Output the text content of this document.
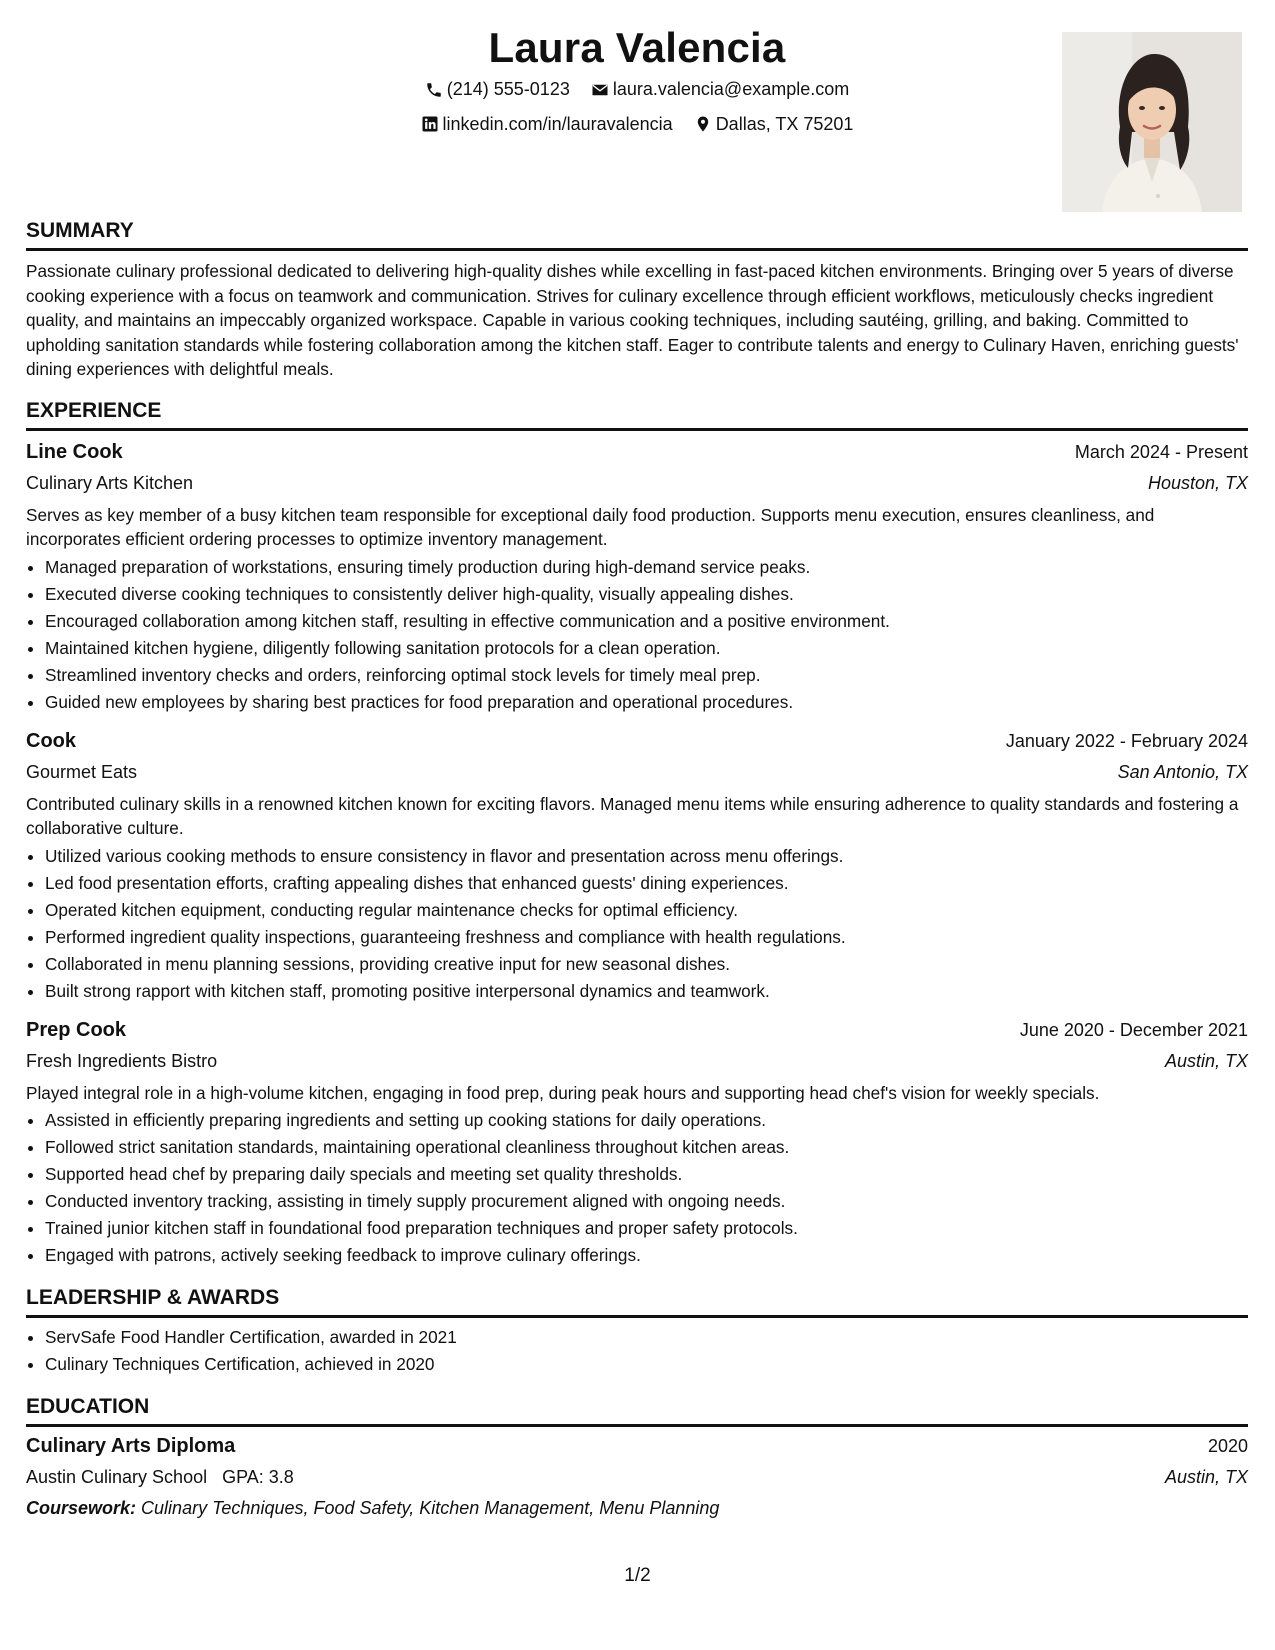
Laura Valencia
(214) 555-0123
laura.valencia@example.com
linkedin.com/in/lauravalencia
Dallas, TX 75201
SUMMARY
Passionate culinary professional dedicated to delivering high-quality dishes while excelling in fast-paced kitchen environments. Bringing over 5 years of diverse cooking experience with a focus on teamwork and communication. Strives for culinary excellence through efficient workflows, meticulously checks ingredient quality, and maintains an impeccably organized workspace. Capable in various cooking techniques, including sautéing, grilling, and baking. Committed to upholding sanitation standards while fostering collaboration among the kitchen staff. Eager to contribute talents and energy to Culinary Haven, enriching guests' dining experiences with delightful meals.
EXPERIENCE
Line Cook	March 2024 - Present
Culinary Arts Kitchen	Houston, TX
Serves as key member of a busy kitchen team responsible for exceptional daily food production. Supports menu execution, ensures cleanliness, and incorporates efficient ordering processes to optimize inventory management.
• Managed preparation of workstations, ensuring timely production during high-demand service peaks.
• Executed diverse cooking techniques to consistently deliver high-quality, visually appealing dishes.
• Encouraged collaboration among kitchen staff, resulting in effective communication and a positive environment.
• Maintained kitchen hygiene, diligently following sanitation protocols for a clean operation.
• Streamlined inventory checks and orders, reinforcing optimal stock levels for timely meal prep.
• Guided new employees by sharing best practices for food preparation and operational procedures.
Cook	January 2022 - February 2024
Gourmet Eats	San Antonio, TX
Contributed culinary skills in a renowned kitchen known for exciting flavors. Managed menu items while ensuring adherence to quality standards and fostering a collaborative culture.
• Utilized various cooking methods to ensure consistency in flavor and presentation across menu offerings.
• Led food presentation efforts, crafting appealing dishes that enhanced guests' dining experiences.
• Operated kitchen equipment, conducting regular maintenance checks for optimal efficiency.
• Performed ingredient quality inspections, guaranteeing freshness and compliance with health regulations.
• Collaborated in menu planning sessions, providing creative input for new seasonal dishes.
• Built strong rapport with kitchen staff, promoting positive interpersonal dynamics and teamwork.
Prep Cook	June 2020 - December 2021
Fresh Ingredients Bistro	Austin, TX
Played integral role in a high-volume kitchen, engaging in food prep, during peak hours and supporting head chef's vision for weekly specials.
• Assisted in efficiently preparing ingredients and setting up cooking stations for daily operations.
• Followed strict sanitation standards, maintaining operational cleanliness throughout kitchen areas.
• Supported head chef by preparing daily specials and meeting set quality thresholds.
• Conducted inventory tracking, assisting in timely supply procurement aligned with ongoing needs.
• Trained junior kitchen staff in foundational food preparation techniques and proper safety protocols.
• Engaged with patrons, actively seeking feedback to improve culinary offerings.
LEADERSHIP & AWARDS
• ServSafe Food Handler Certification, awarded in 2021
• Culinary Techniques Certification, achieved in 2020
EDUCATION
Culinary Arts Diploma	2020
Austin Culinary School GPA: 3.8	Austin, TX
Coursework: Culinary Techniques, Food Safety, Kitchen Management, Menu Planning
1/2
